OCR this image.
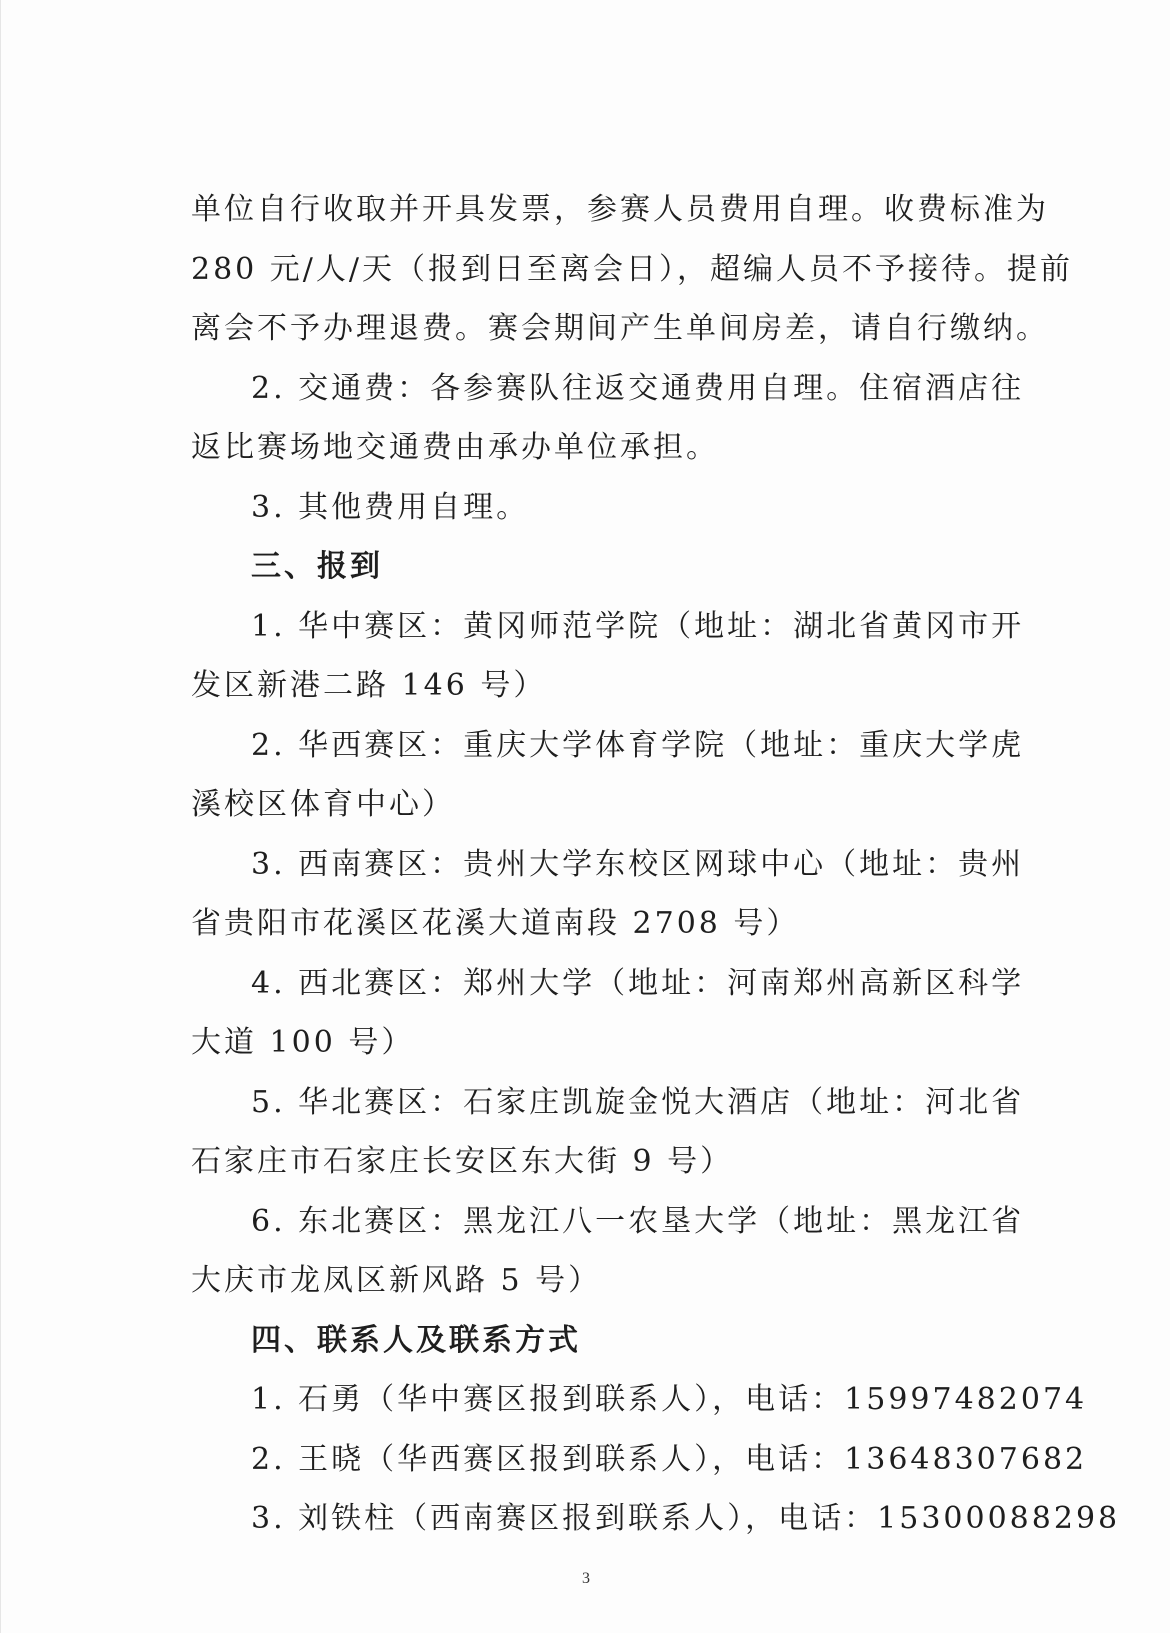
单位自行收取并开具发票，参赛人员费用自理。收费标准为
280 元/人/天（报到日至离会日），超编人员不予接待。提前
离会不予办理退费。赛会期间产生单间房差，请自行缴纳。
2. 交通费：各参赛队往返交通费用自理。住宿酒店往
返比赛场地交通费由承办单位承担。
3. 其他费用自理。
三、报到
1. 华中赛区：黄冈师范学院（地址：湖北省黄冈市开
发区新港二路 146 号）
2. 华西赛区：重庆大学体育学院（地址：重庆大学虎
溪校区体育中心）
3. 西南赛区：贵州大学东校区网球中心（地址：贵州
省贵阳市花溪区花溪大道南段 2708 号）
4. 西北赛区：郑州大学（地址：河南郑州高新区科学
大道 100 号）
5. 华北赛区：石家庄凯旋金悦大酒店（地址：河北省
石家庄市石家庄长安区东大街 9 号）
6. 东北赛区：黑龙江八一农垦大学（地址：黑龙江省
大庆市龙凤区新风路 5 号）
四、联系人及联系方式
1. 石勇（华中赛区报到联系人），电话：15997482074
2. 王晓（华西赛区报到联系人），电话：13648307682
3. 刘铁柱（西南赛区报到联系人），电话：15300088298
3
